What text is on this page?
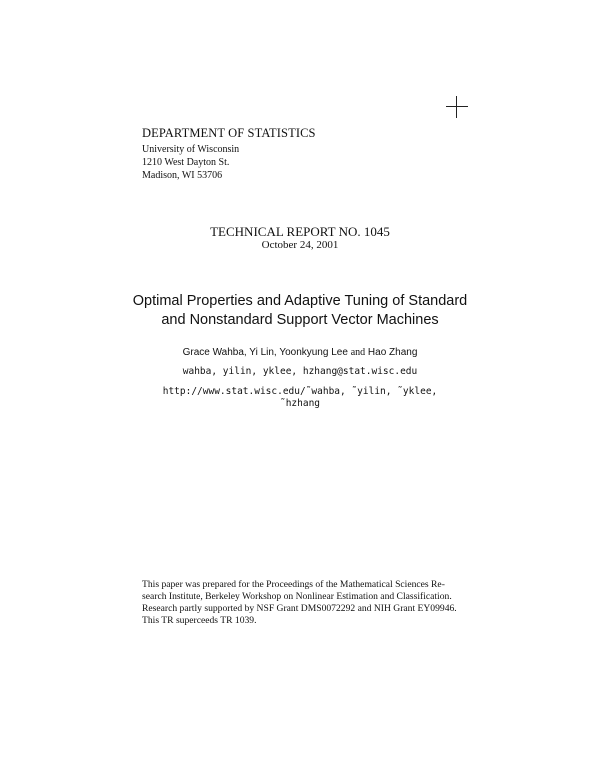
DEPARTMENT OF STATISTICS
University of Wisconsin
1210 West Dayton St.
Madison, WI 53706
TECHNICAL REPORT NO. 1045
October 24, 2001
Optimal Properties and Adaptive Tuning of Standard
and Nonstandard Support Vector Machines
Grace Wahba, Yi Lin, Yoonkyung Lee and Hao Zhang
wahba, yilin, yklee, hzhang@stat.wisc.edu
http://www.stat.wisc.edu/˜wahba, ˜yilin, ˜yklee,
˜hzhang
This paper was prepared for the Proceedings of the Mathematical Sciences Re-
search Institute, Berkeley Workshop on Nonlinear Estimation and Classification.
Research partly supported by NSF Grant DMS0072292 and NIH Grant EY09946.
This TR superceeds TR 1039.
